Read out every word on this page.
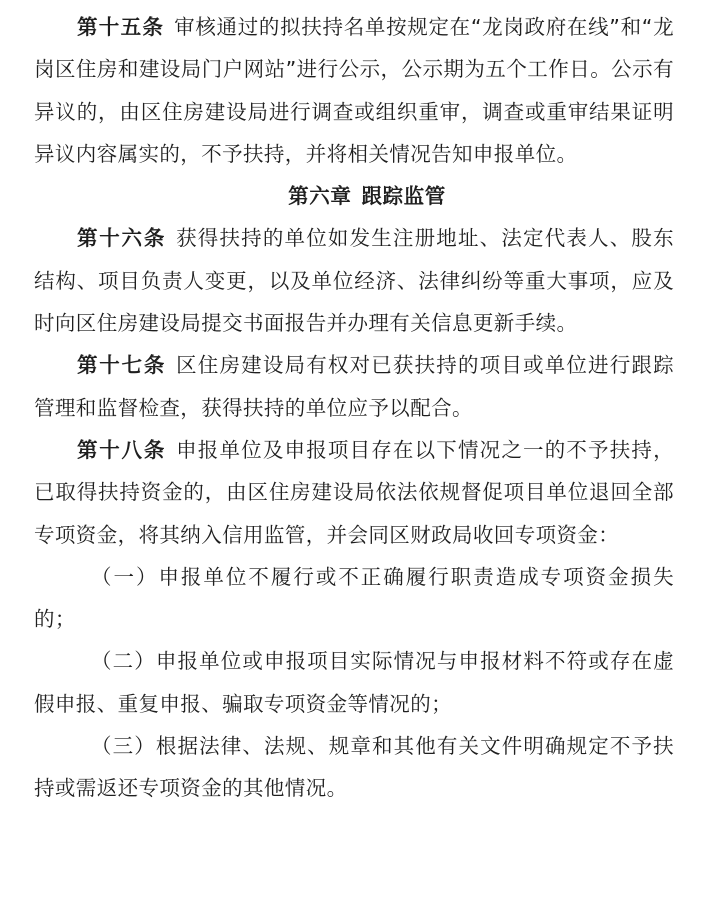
第十五条 审核通过的拟扶持名单按规定在“龙岗政府在线”和“龙岗区住房和建设局门户网站”进行公示，公示期为五个工作日。公示有异议的，由区住房建设局进行调查或组织重审，调查或重审结果证明异议内容属实的，不予扶持，并将相关情况告知申报单位。

第六章 跟踪监管

第十六条 获得扶持的单位如发生注册地址、法定代表人、股东结构、项目负责人变更，以及单位经济、法律纠纷等重大事项，应及时向区住房建设局提交书面报告并办理有关信息更新手续。

第十七条 区住房建设局有权对已获扶持的项目或单位进行跟踪管理和监督检查，获得扶持的单位应予以配合。

第十八条 申报单位及申报项目存在以下情况之一的不予扶持，已取得扶持资金的，由区住房建设局依法依规督促项目单位退回全部专项资金，将其纳入信用监管，并会同区财政局收回专项资金：

（一）申报单位不履行或不正确履行职责造成专项资金损失的；

（二）申报单位或申报项目实际情况与申报材料不符或存在虚假申报、重复申报、骗取专项资金等情况的；

（三）根据法律、法规、规章和其他有关文件明确规定不予扶持或需返还专项资金的其他情况。
